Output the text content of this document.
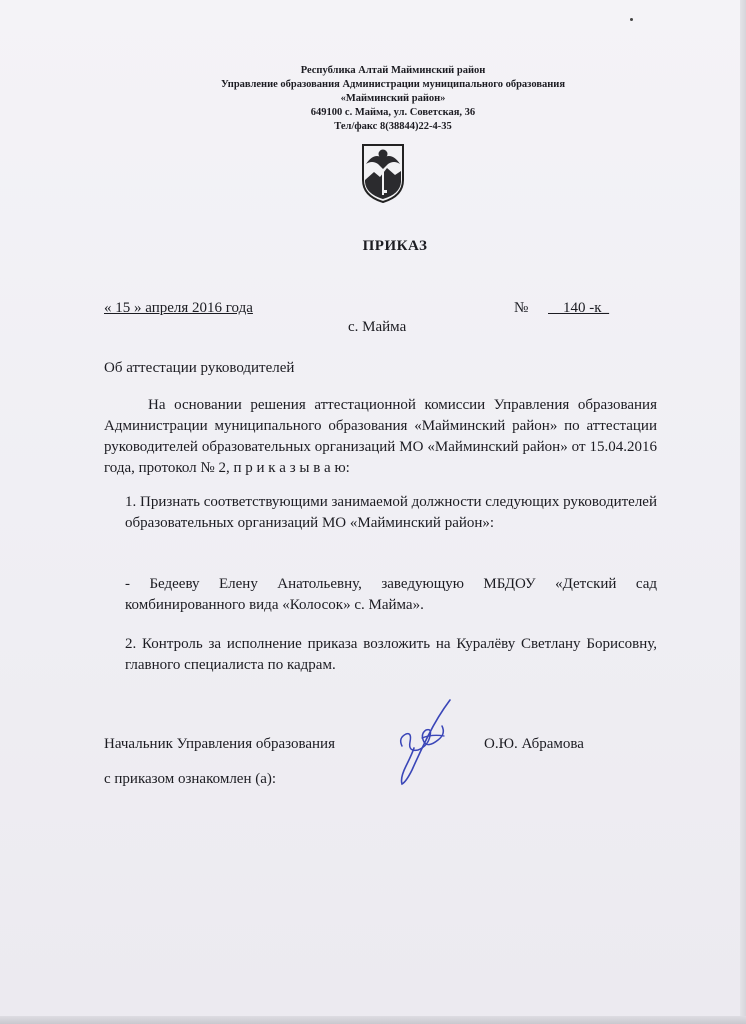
Республика Алтай Майминский район
Управление образования Администрации муниципального образования
«Майминский район»
649100 с. Майма, ул. Советская, 36
Тел/факс 8(38844)22-4-35
ПРИКАЗ
« 15 » апреля 2016 года	№ 140 -к_
с. Майма
Об аттестации руководителей
На основании решения аттестационной комиссии Управления образования Администрации муниципального образования «Майминский район» по аттестации руководителей образовательных организаций МО «Майминский район» от 15.04.2016 года, протокол № 2, п р и к а з ы в а ю:
1. Признать соответствующими занимаемой должности следующих руководителей образовательных организаций МО «Майминский район»:
- Бедееву Елену Анатольевну, заведующую МБДОУ «Детский сад комбинированного вида «Колосок» с. Майма».
2. Контроль за исполнение приказа возложить на Куралёву Светлану Борисовну, главного специалиста по кадрам.
Начальник Управления образования	О.Ю. Абрамова
с приказом ознакомлен (а):
